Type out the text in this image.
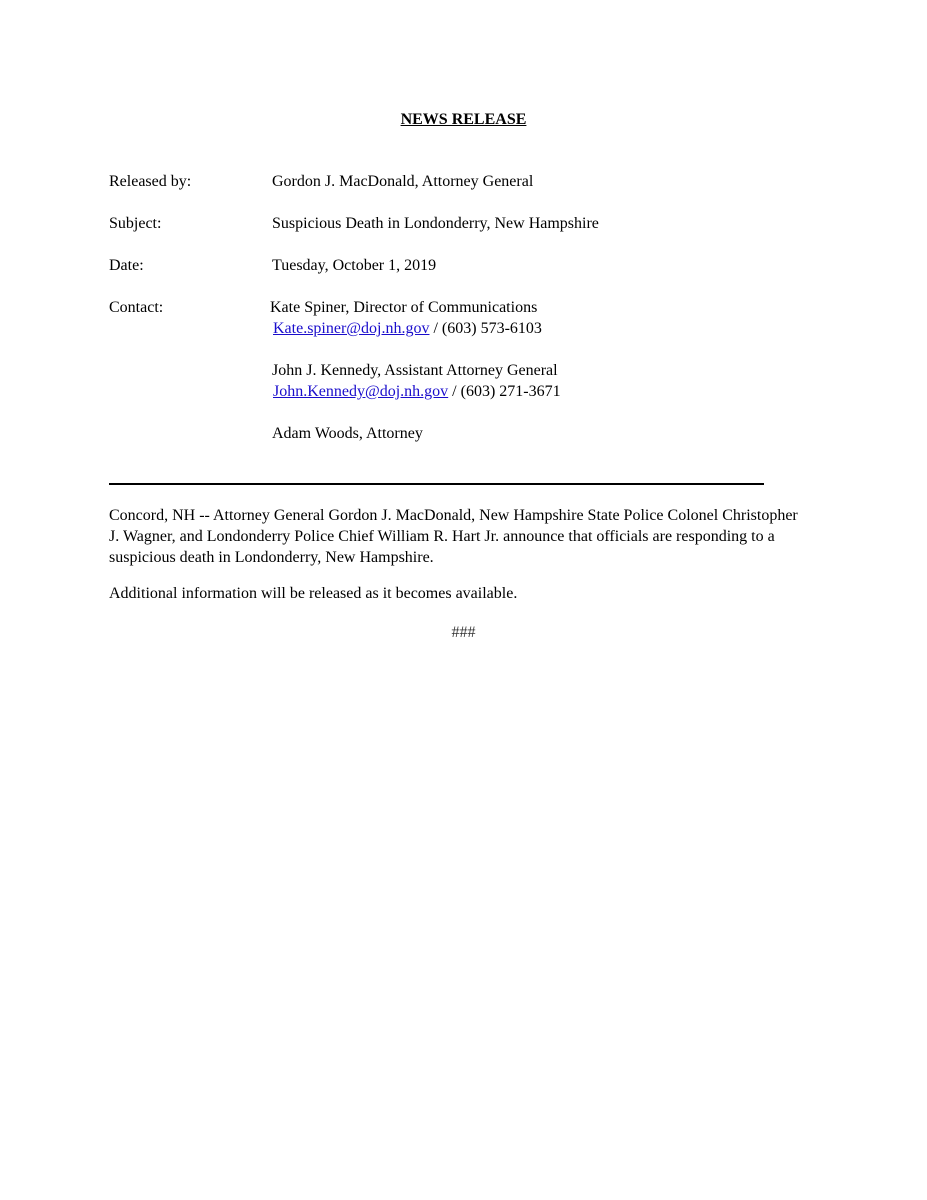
NEWS RELEASE
Released by:	Gordon J. MacDonald, Attorney General
Subject:	Suspicious Death in Londonderry, New Hampshire
Date:	Tuesday, October 1, 2019
Contact:	Kate Spiner, Director of Communications
Kate.spiner@doj.nh.gov / (603) 573-6103
John J. Kennedy, Assistant Attorney General
John.Kennedy@doj.nh.gov / (603) 271-3671
Adam Woods, Attorney
Concord, NH -- Attorney General Gordon J. MacDonald, New Hampshire State Police Colonel Christopher J. Wagner, and Londonderry Police Chief William R. Hart Jr. announce that officials are responding to a suspicious death in Londonderry, New Hampshire.
Additional information will be released as it becomes available.
###
